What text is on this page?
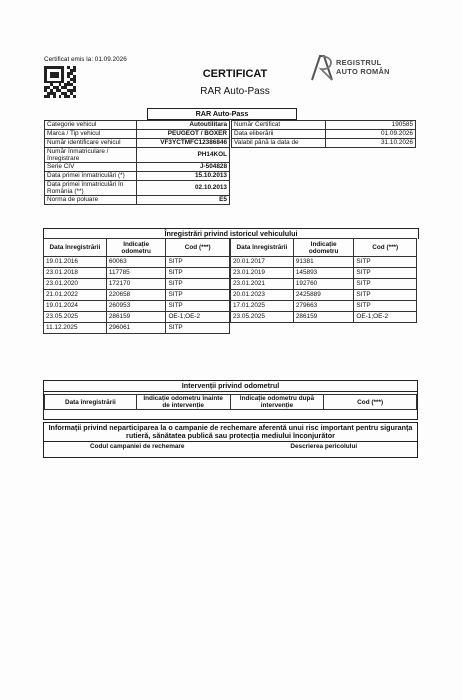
Certificat emis la: 01.09.2026
CERTIFICAT
RAR Auto-Pass
REGISTRUL
AUTO ROMÂN
RAR Auto-Pass
Categorie vehicul	Autoutilitara
Marca / Tip vehicul	PEUGEOT / BOXER
Număr identificare vehicul	VF3YCTMFC12386846
Număr înmatriculare / înregistrare	PH14KOL
Serie CIV	J-504828
Data primei înmatriculări (*)	15.10.2013
Data primei înmatriculări în România (**)	02.10.2013
Norma de poluare	E5
Număr Certificat	190585
Data eliberării	01.09.2026
Valabil până la data de	31.10.2026
Înregistrări privind istoricul vehiculului
Data înregistrării	Indicație odometru	Cod (***)
19.01.2016	60063	SITP
23.01.2018	117785	SITP
23.01.2020	172170	SITP
21.01.2022	220658	SITP
19.01.2024	260953	SITP
23.05.2025	286159	OE-1;OE-2
11.12.2025	296061	SITP
Data înregistrării	Indicație odometru	Cod (***)
20.01.2017	91381	SITP
23.01.2019	145893	SITP
23.01.2021	192760	SITP
20.01.2023	2425889	SITP
17.01.2025	279663	SITP
23.05.2025	286159	OE-1;OE-2
Intervenții privind odometrul
Data înregistrării	Indicație odometru înainte de intervenție	Indicație odometru după intervenție	Cod (***)
Informații privind neparticiparea la o campanie de rechemare aferentă unui risc important pentru siguranța rutieră, sănătatea publică sau protecția mediului înconjurător
Codul campaniei de rechemare	Descrierea pericolului
